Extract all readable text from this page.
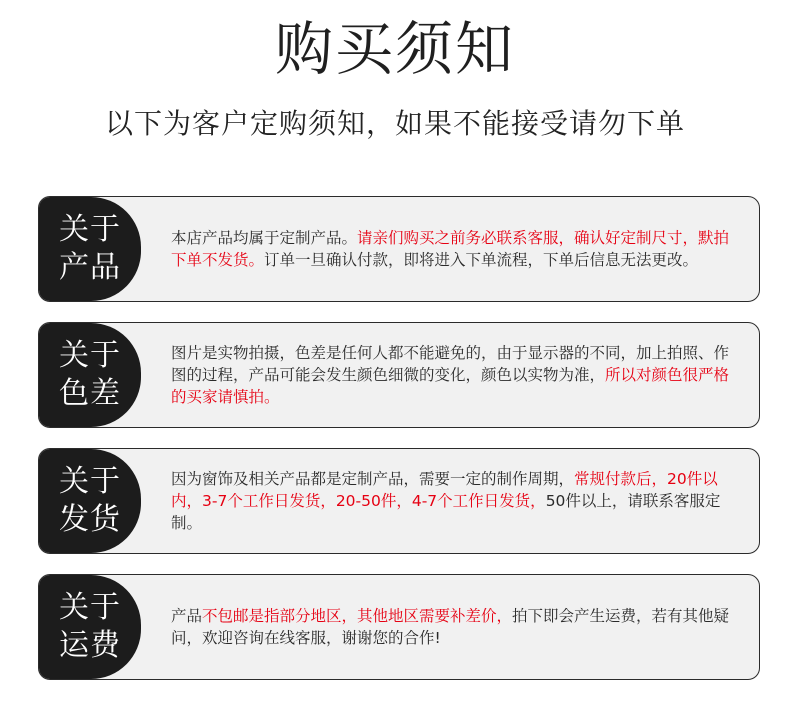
购买须知
以下为客户定购须知，如果不能接受请勿下单
关于
产品

本店产品均属于定制产品。请亲们购买之前务必联系客服，确认好定制尺寸，默拍下单不发货。订单一旦确认付款，即将进入下单流程，下单后信息无法更改。

关于
色差

图片是实物拍摄，色差是任何人都不能避免的，由于显示器的不同，加上拍照、作图的过程，产品可能会发生颜色细微的变化，颜色以实物为准，所以对颜色很严格的买家请慎拍。

关于
发货

因为窗饰及相关产品都是定制产品，需要一定的制作周期，常规付款后，20件以内，3-7个工作日发货，20-50件，4-7个工作日发货，50件以上，请联系客服定制。

关于
运费

产品不包邮是指部分地区，其他地区需要补差价，拍下即会产生运费，若有其他疑问，欢迎咨询在线客服，谢谢您的合作!
